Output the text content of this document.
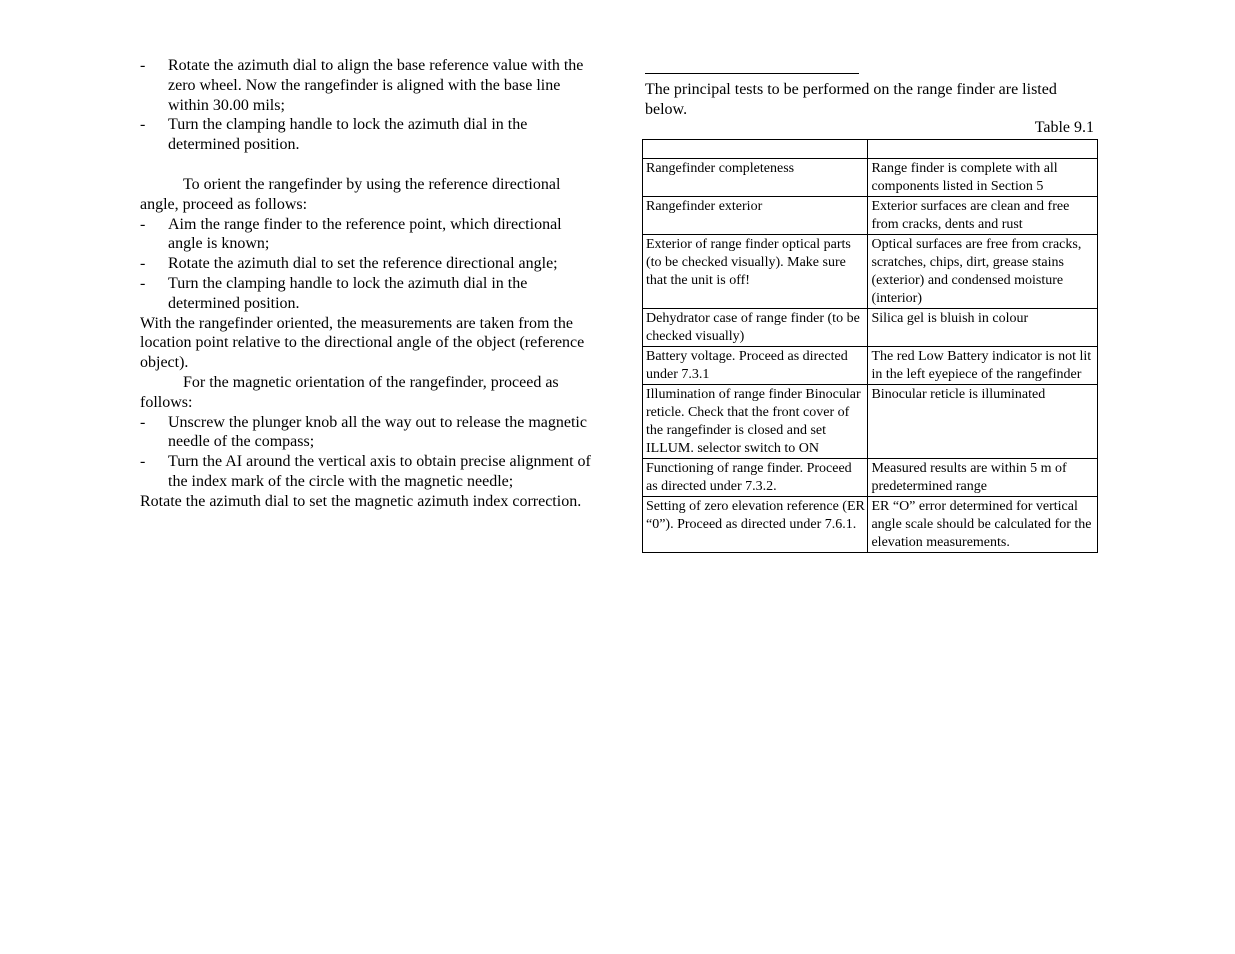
- Rotate the azimuth dial to align the base reference value with the zero wheel. Now the rangefinder is aligned with the base line within 30.00 mils;
- Turn the clamping handle to lock the azimuth dial in the determined position.
To orient the rangefinder by using the reference directional angle, proceed as follows:
- Aim the range finder to the reference point, which directional angle is known;
- Rotate the azimuth dial to set the reference directional angle;
- Turn the clamping handle to lock the azimuth dial in the determined position.
With the rangefinder oriented, the measurements are taken from the location point relative to the directional angle of the object (reference object).
For the magnetic orientation of the rangefinder, proceed as follows:
- Unscrew the plunger knob all the way out to release the magnetic needle of the compass;
- Turn the AI around the vertical axis to obtain precise alignment of the index mark of the circle with the magnetic needle;
Rotate the azimuth dial to set the magnetic azimuth index correction.
The principal tests to be performed on the range finder are listed below.
Table 9.1

Rangefinder completeness	Range finder is complete with all components listed in Section 5
Rangefinder exterior	Exterior surfaces are clean and free from cracks, dents and rust
Exterior of range finder optical parts (to be checked visually). Make sure that the unit is off!	Optical surfaces are free from cracks, scratches, chips, dirt, grease stains (exterior) and condensed moisture (interior)
Dehydrator case of range finder (to be checked visually)	Silica gel is bluish in colour
Battery voltage. Proceed as directed under 7.3.1	The red Low Battery indicator is not lit in the left eyepiece of the rangefinder
Illumination of range finder Binocular reticle. Check that the front cover of the rangefinder is closed and set ILLUM. selector switch to ON	Binocular reticle is illuminated
Functioning of range finder. Proceed as directed under 7.3.2.	Measured results are within 5 m of predetermined range
Setting of zero elevation reference (ER “0”). Proceed as directed under 7.6.1.	ER “O” error determined for vertical angle scale should be calculated for the elevation measurements.
